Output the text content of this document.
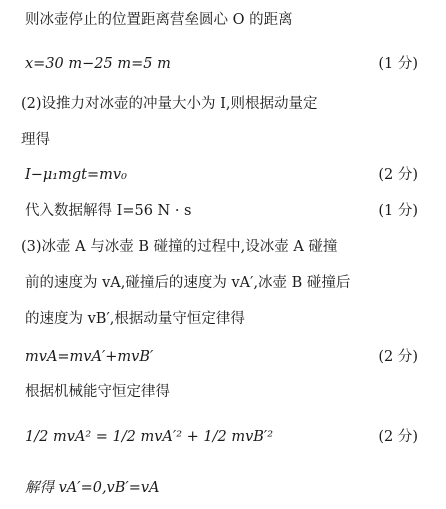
则冰壶停止的位置距离营垒圆心 O 的距离
x=30 m−25 m=5 m	(1 分)
(2)设推力对冰壶的冲量大小为 I,则根据动量定
理得
I−μ₁mgt=mv₀	(2 分)
代入数据解得 I=56 N · s	(1 分)
(3)冰壶 A 与冰壶 B 碰撞的过程中,设冰壶 A 碰撞
前的速度为 vA,碰撞后的速度为 vA′,冰壶 B 碰撞后
的速度为 vB′,根据动量守恒定律得
mvA=mvA′+mvB′	(2 分)
根据机械能守恒定律得
1/2 mvA² = 1/2 mvA′² + 1/2 mvB′²	(2 分)
解得 vA′=0,vB′=vA
